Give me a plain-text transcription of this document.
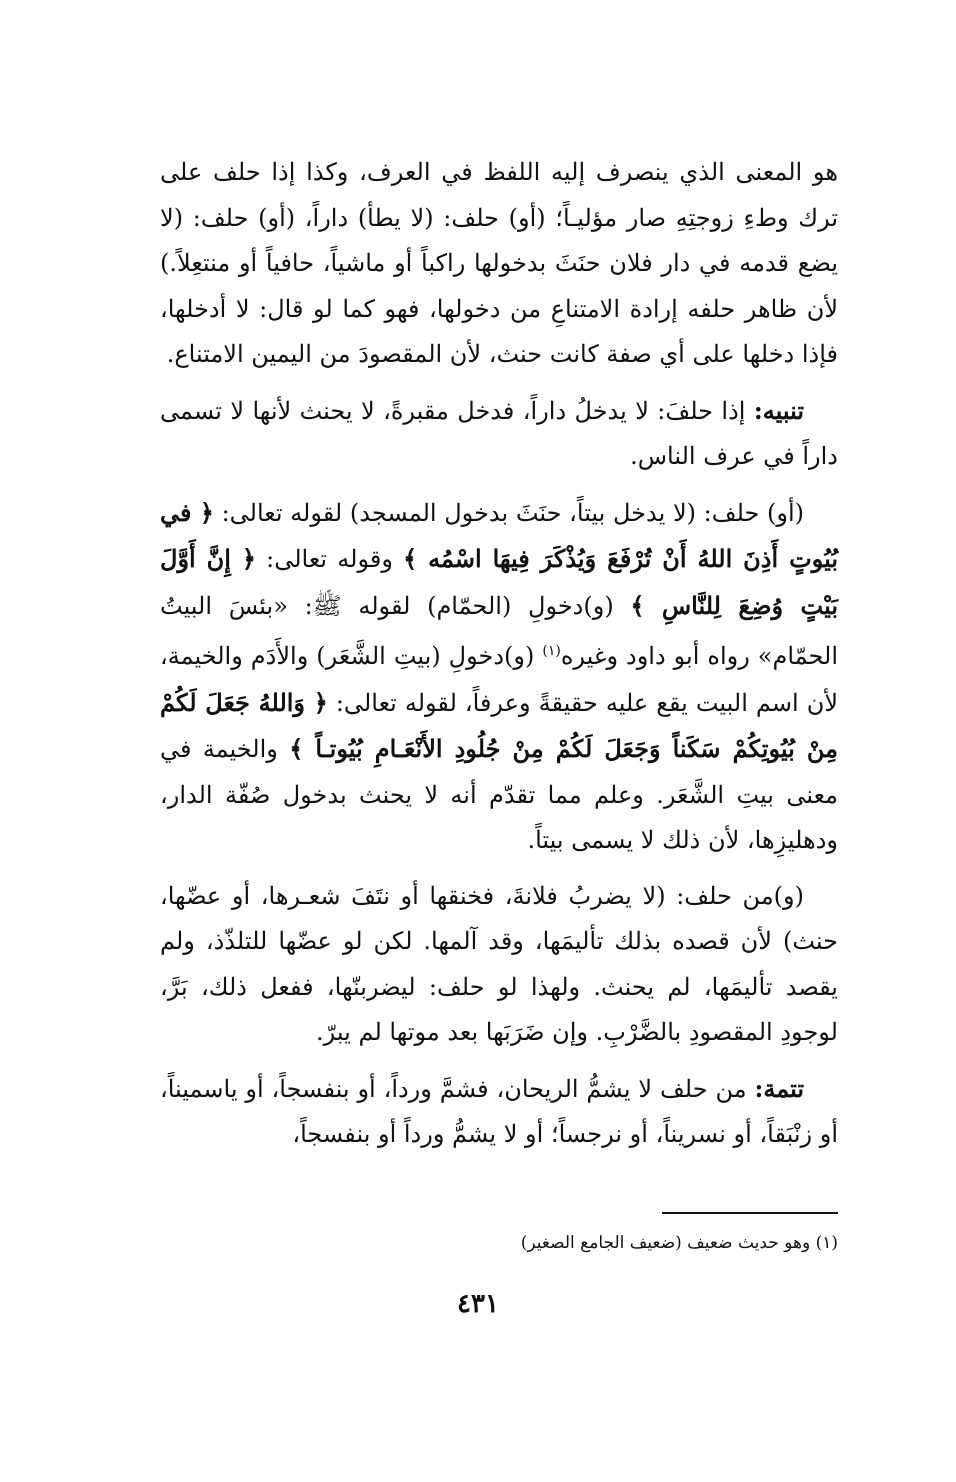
هو المعنى الذي ينصرف إليه اللفظ في العرف، وكذا إذا حلف على ترك وطءِ زوجتِهِ صار مؤليـاً؛ (أو) حلف: (لا يطأ) داراً، (أو) حلف: (لا يضع قدمه في دار فلان حنَثَ بدخولها راكباً أو ماشياً، حافياً أو منتعِلاً.) لأن ظاهر حلفه إرادة الامتناعِ من دخولها، فهو كما لو قال: لا أدخلها، فإذا دخلها على أي صفة كانت حنث، لأن المقصودَ من اليمين الامتناع.

تنبيه: إذا حلفَ: لا يدخلُ داراً، فدخل مقبرةً، لا يحنث لأنها لا تسمى داراً في عرف الناس.

(أو) حلف: (لا يدخل بيتاً، حنَثَ بدخول المسجد) لقوله تعالى: ﴿ في بُيُوتٍ أَذِنَ اللهُ أَنْ تُرْفَعَ وَيُذْكَرَ فِيهَا اسْمُه ﴾ وقوله تعالى: ﴿ إِنَّ أَوَّلَ بَيْتٍ وُضِعَ لِلنَّاسِ ﴾ (و)دخولِ (الحمّام) لقوله ﷺ: «بئسَ البيتُ الحمّام» رواه أبو داود وغيره$^{(١)}$ (و)دخولِ (بيتِ الشَّعَر) والأَدَم والخيمة، لأن اسم البيت يقع عليه حقيقةً وعرفاً، لقوله تعالى: ﴿ وَاللهُ جَعَلَ لَكُمْ مِنْ بُيُوتِكُمْ سَكَناً وَجَعَلَ لَكُمْ مِنْ جُلُودِ الأَنْعَـامِ بُيُوتـاً ﴾ والخيمة في معنى بيتِ الشَّعَر. وعلم مما تقدّم أنه لا يحنث بدخول صُفّة الدار، ودهليزِها، لأن ذلك لا يسمى بيتاً.

(و)من حلف: (لا يضربُ فلانةَ، فخنقها أو نتَفَ شعـرها، أو عضّها، حنث) لأن قصده بذلك تأليمَها، وقد آلمها. لكن لو عضّها للتلذّذ، ولم يقصد تأليمَها، لم يحنث. ولهذا لو حلف: ليضربنّها، ففعل ذلك، بَرَّ، لوجودِ المقصودِ بالضَّرْبِ. وإن ضَرَبَها بعد موتها لم يبرّ.

تتمة: من حلف لا يشمُّ الريحان، فشمَّ ورداً، أو بنفسجاً، أو ياسميناً، أو زنْبَقاً، أو نسريناً، أو نرجساً؛ أو لا يشمُّ ورداً أو بنفسجاً،

(١) وهو حديث ضعيف (ضعيف الجامع الصغير)

٤٣١
